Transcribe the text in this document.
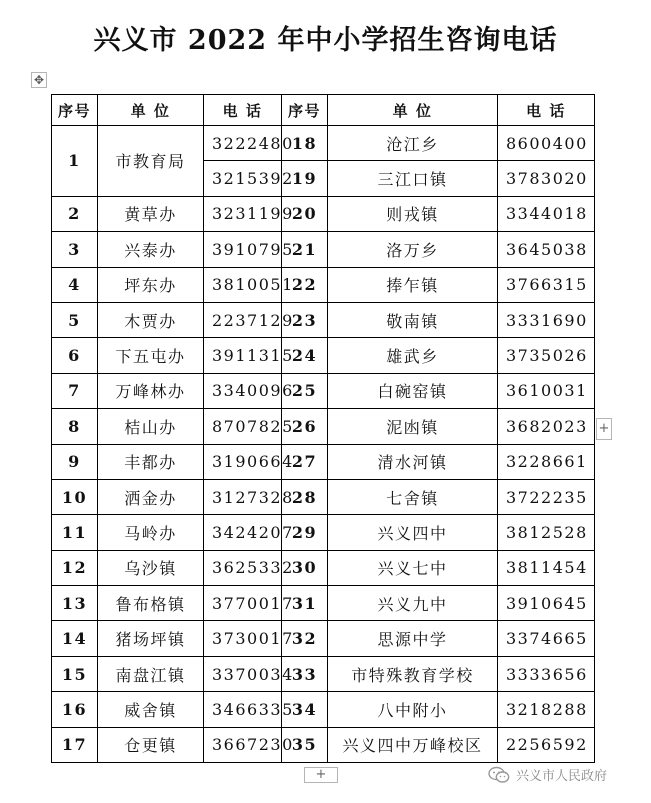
兴义市 2022 年中小学招生咨询电话
✥
序号	单 位	电 话	序号	单 位	电 话
1	市教育局	3222480	18	沧江乡	8600400
		3215392	19	三江口镇	3783020
2	黄草办	3231199	20	则戎镇	3344018
3	兴泰办	3910795	21	洛万乡	3645038
4	坪东办	3810051	22	捧乍镇	3766315
5	木贾办	2237129	23	敬南镇	3331690
6	下五屯办	3911315	24	雄武乡	3735026
7	万峰林办	3340096	25	白碗窑镇	3610031
8	桔山办	8707825	26	泥凼镇	3682023
9	丰都办	3190664	27	清水河镇	3228661
10	洒金办	3127328	28	七舍镇	3722235
11	马岭办	3424207	29	兴义四中	3812528
12	乌沙镇	3625332	30	兴义七中	3811454
13	鲁布格镇	3770017	31	兴义九中	3910645
14	猪场坪镇	3730017	32	思源中学	3374665
15	南盘江镇	3370034	33	市特殊教育学校	3333656
16	威舍镇	3466335	34	八中附小	3218288
17	仓更镇	3667230	35	兴义四中万峰校区	2256592
+
+	兴义市人民政府
